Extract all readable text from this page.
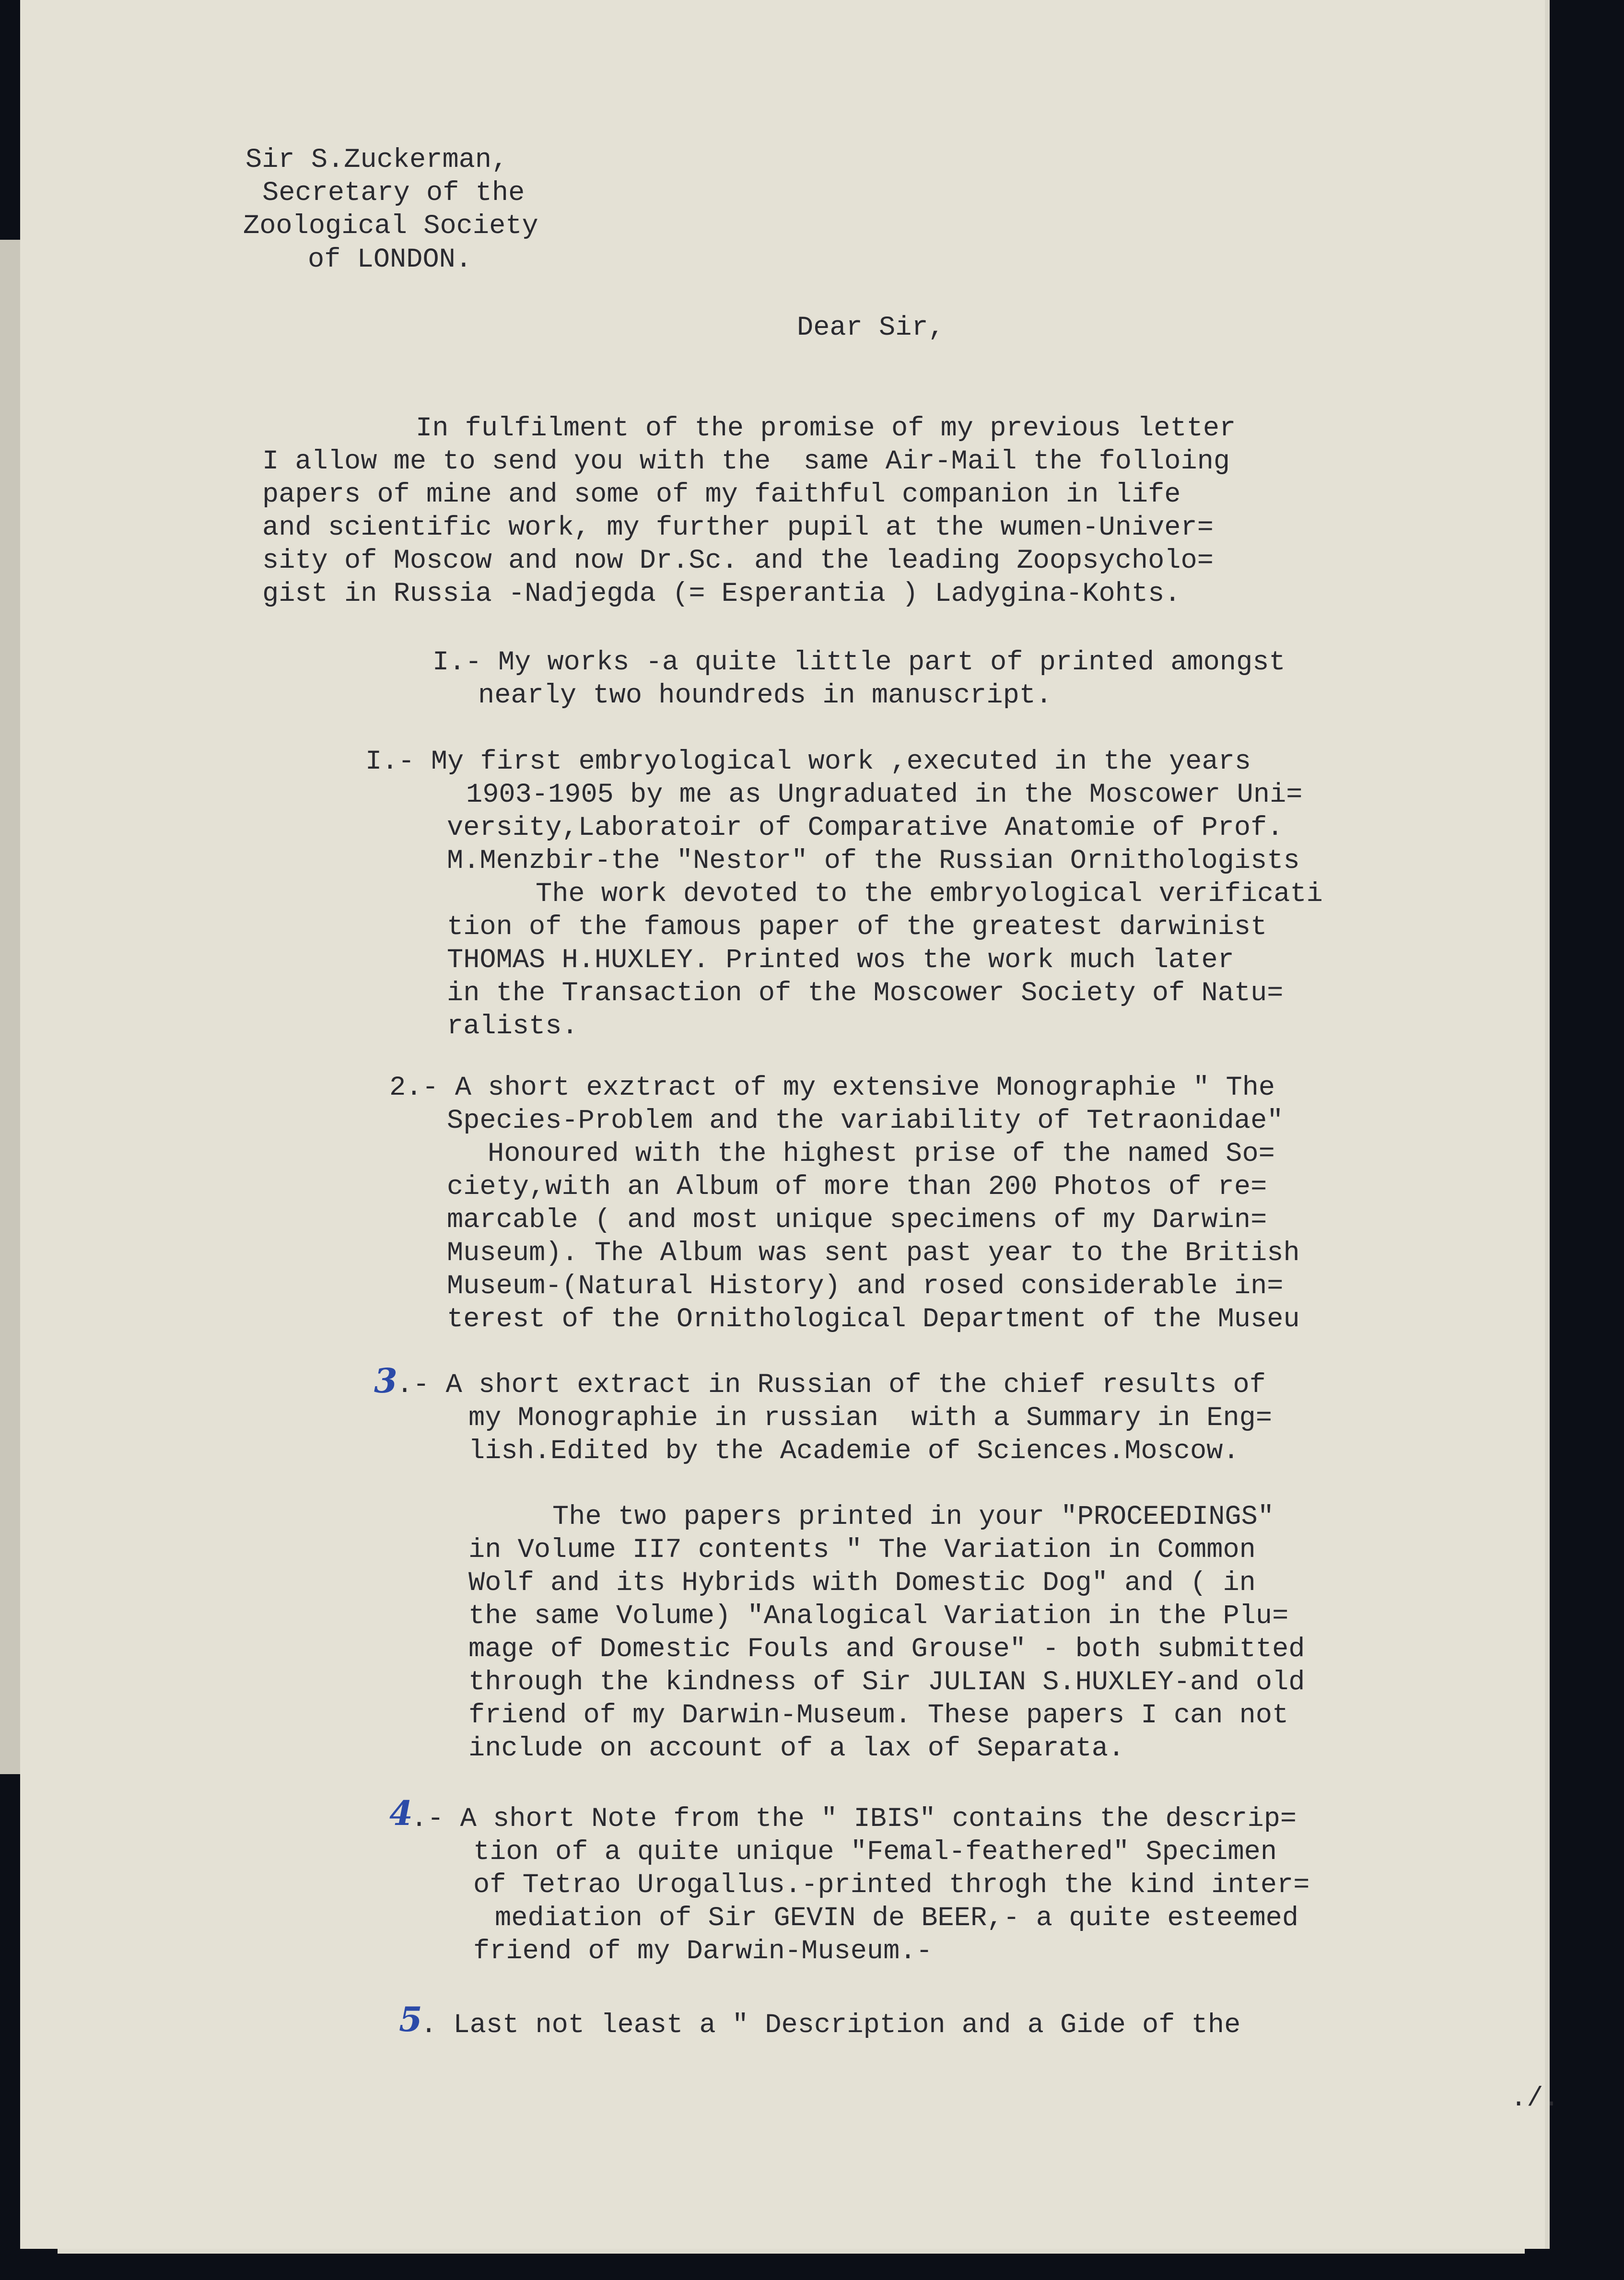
Sir S.Zuckerman,
Secretary of the
Zoological Society
of LONDON.
Dear Sir,
In fulfilment of the promise of my previous letter
I allow me to send you with the  same Air-Mail the folloing
papers of mine and some of my faithful companion in life
and scientific work, my further pupil at the wumen-Univer=
sity of Moscow and now Dr.Sc. and the leading Zoopsycholo=
gist in Russia -Nadjegda (= Esperantia ) Ladygina-Kohts.
I.- My works -a quite little part of printed amongst
nearly two houndreds in manuscript.
I.- My first embryological work ,executed in the years
1903-1905 by me as Ungraduated in the Moscower Uni=
versity,Laboratoir of Comparative Anatomie of Prof.
M.Menzbir-the "Nestor" of the Russian Ornithologists
The work devoted to the embryological verificati
tion of the famous paper of the greatest darwinist
THOMAS H.HUXLEY. Printed wos the work much later
in the Transaction of the Moscower Society of Natu=
ralists.
2.- A short exztract of my extensive Monographie " The
Species-Problem and the variability of Tetraonidae"
Honoured with the highest prise of the named So=
ciety,with an Album of more than 200 Photos of re=
marcable ( and most unique specimens of my Darwin=
Museum). The Album was sent past year to the British
Museum-(Natural History) and rosed considerable in=
terest of the Ornithological Department of the Museu
3
.- A short extract in Russian of the chief results of
my Monographie in russian  with a Summary in Eng=
lish.Edited by the Academie of Sciences.Moscow.
The two papers printed in your "PROCEEDINGS"
in Volume II7 contents " The Variation in Common
Wolf and its Hybrids with Domestic Dog" and ( in
the same Volume) "Analogical Variation in the Plu=
mage of Domestic Fouls and Grouse" - both submitted
through the kindness of Sir JULIAN S.HUXLEY-and old
friend of my Darwin-Museum. These papers I can not
include on account of a lax of Separata.
4
.- A short Note from the " IBIS" contains the descrip=
tion of a quite unique "Femal-feathered" Specimen
of Tetrao Urogallus.-printed throgh the kind inter=
mediation of Sir GEVIN de BEER,- a quite esteemed
friend of my Darwin-Museum.-
5
. Last not least a " Description and a Gide of the
./.
